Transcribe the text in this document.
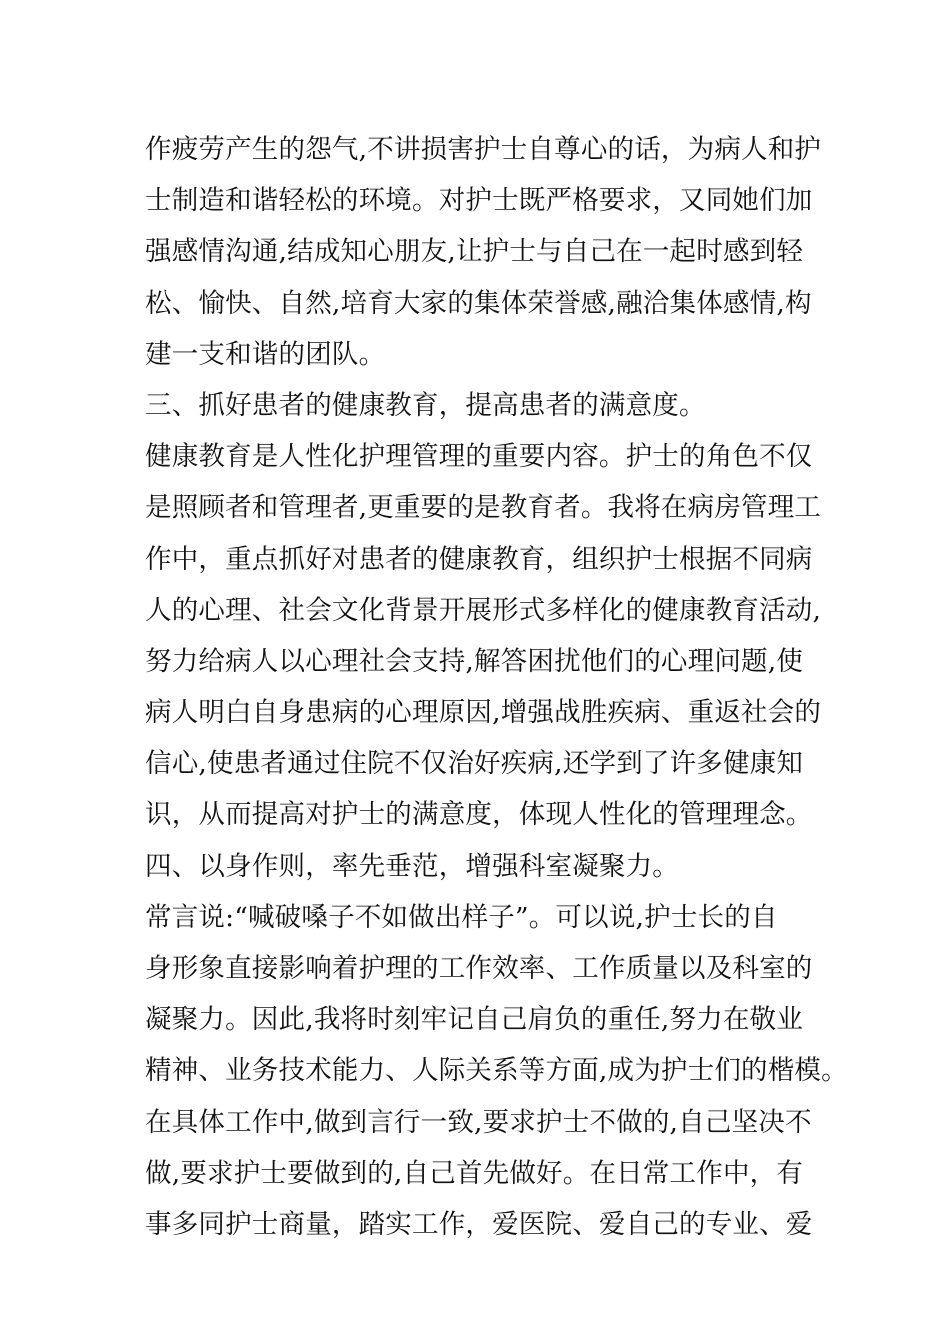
作疲劳产生的怨气,不讲损害护士自尊心的话，为病人和护
士制造和谐轻松的环境。对护士既严格要求，又同她们加
强感情沟通,结成知心朋友,让护士与自己在一起时感到轻
松、愉快、自然,培育大家的集体荣誉感,融洽集体感情,构
建一支和谐的团队。
三、抓好患者的健康教育，提高患者的满意度。
健康教育是人性化护理管理的重要内容。护士的角色不仅
是照顾者和管理者,更重要的是教育者。我将在病房管理工
作中，重点抓好对患者的健康教育，组织护士根据不同病
人的心理、社会文化背景开展形式多样化的健康教育活动,
努力给病人以心理社会支持,解答困扰他们的心理问题,使
病人明白自身患病的心理原因,增强战胜疾病、重返社会的
信心,使患者通过住院不仅治好疾病,还学到了许多健康知
识，从而提高对护士的满意度，体现人性化的管理理念。
四、以身作则，率先垂范，增强科室凝聚力。
常言说:“喊破嗓子不如做出样子”。可以说,护士长的自
身形象直接影响着护理的工作效率、工作质量以及科室的
凝聚力。因此,我将时刻牢记自己肩负的重任,努力在敬业
精神、业务技术能力、人际关系等方面,成为护士们的楷模。
在具体工作中,做到言行一致,要求护士不做的,自己坚决不
做,要求护士要做到的,自己首先做好。在日常工作中，有
事多同护士商量，踏实工作，爱医院、爱自己的专业、爱
